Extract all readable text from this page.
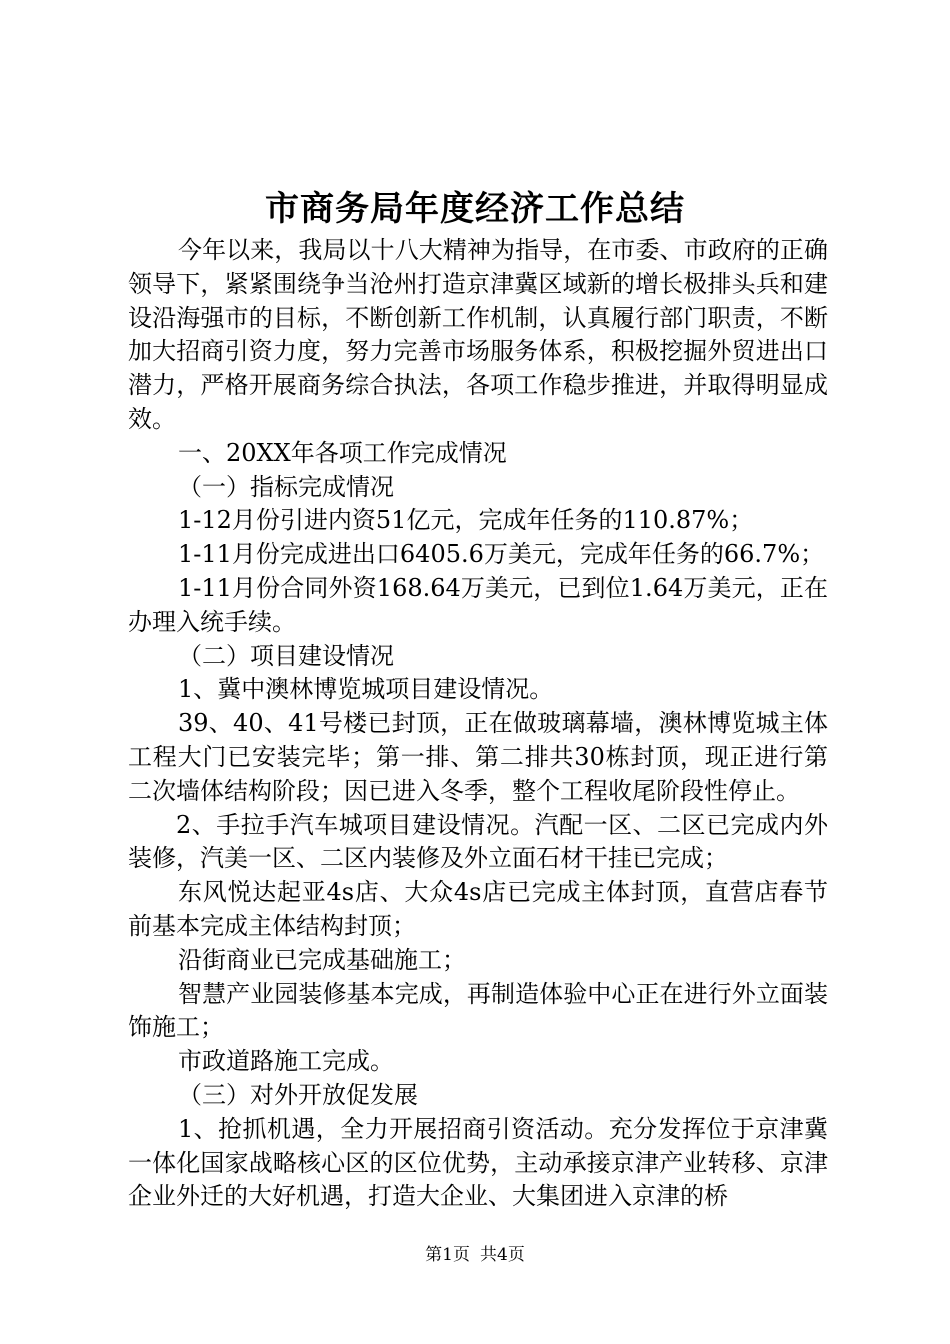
市商务局年度经济工作总结

今年以来，我局以十八大精神为指导，在市委、市政府的正确领导下，紧紧围绕争当沧州打造京津冀区域新的增长极排头兵和建设沿海强市的目标，不断创新工作机制，认真履行部门职责，不断加大招商引资力度，努力完善市场服务体系，积极挖掘外贸进出口潜力，严格开展商务综合执法，各项工作稳步推进，并取得明显成效。

一、20XX年各项工作完成情况

（一）指标完成情况

1-12月份引进内资51亿元，完成年任务的110.87%；

1-11月份完成进出口6405.6万美元，完成年任务的66.7%；

1-11月份合同外资168.64万美元，已到位1.64万美元，正在办理入统手续。

（二）项目建设情况

1、冀中澳林博览城项目建设情况。

39、40、41号楼已封顶，正在做玻璃幕墙，澳林博览城主体工程大门已安装完毕；第一排、第二排共30栋封顶，现正进行第二次墙体结构阶段；因已进入冬季，整个工程收尾阶段性停止。

2、手拉手汽车城项目建设情况。汽配一区、二区已完成内外装修，汽美一区、二区内装修及外立面石材干挂已完成；

东风悦达起亚4s店、大众4s店已完成主体封顶，直营店春节前基本完成主体结构封顶；

沿街商业已完成基础施工；

智慧产业园装修基本完成，再制造体验中心正在进行外立面装饰施工；

市政道路施工完成。

（三）对外开放促发展

1、抢抓机遇，全力开展招商引资活动。充分发挥位于京津冀一体化国家战略核心区的区位优势，主动承接京津产业转移、京津企业外迁的大好机遇，打造大企业、大集团进入京津的桥

第1页 共4页
